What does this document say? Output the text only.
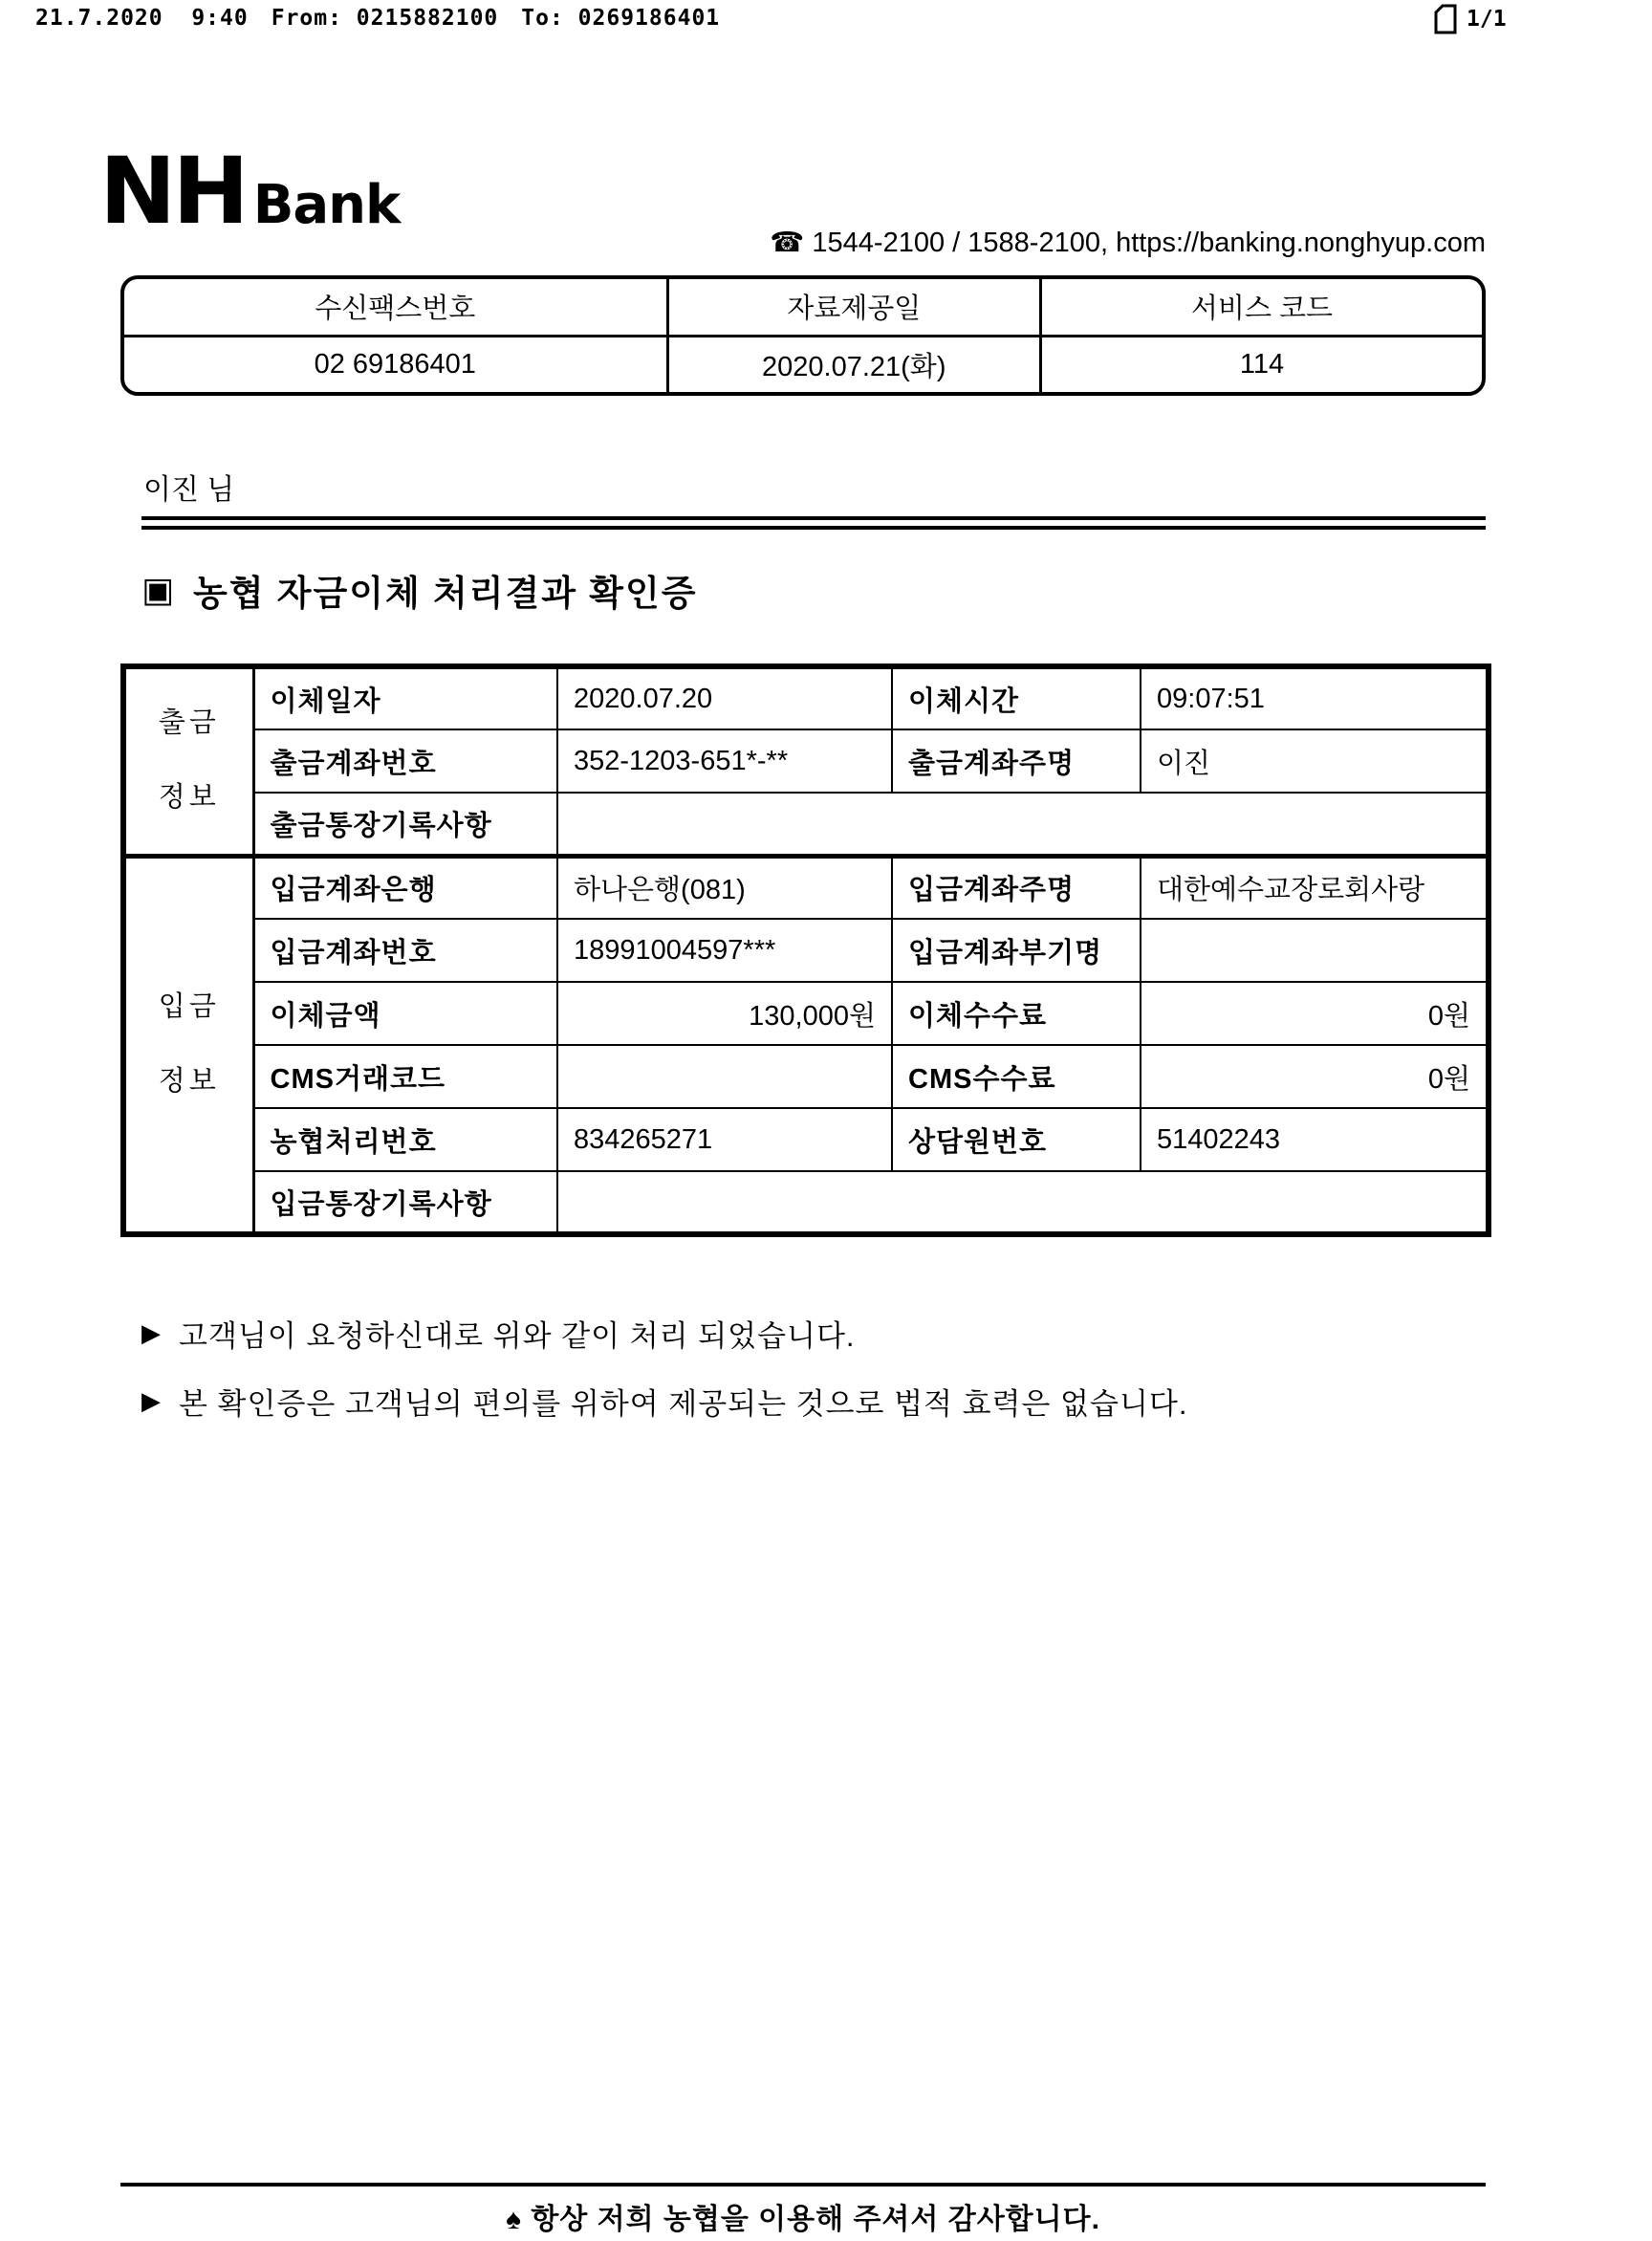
21.7.2020  9:40 From: 0215882100 To: 0269186401	1/1
NH Bank
☎ 1544-2100 / 1588-2100, https://banking.nonghyup.com
수신팩스번호	자료제공일	서비스 코드
02 69186401	2020.07.21(화)	114
이진 님
▣ 농협 자금이체 처리결과 확인증
출금
정보	이체일자	2020.07.20	이체시간	09:07:51
	출금계좌번호	352-1203-651*-**	출금계좌주명	이진
	출금통장기록사항			

입금
정보	입금계좌은행	하나은행(081)	입금계좌주명	대한예수교장로회사랑
	입금계좌번호	18991004597***	입금계좌부기명	
	이체금액	130,000원	이체수수료	0원
	CMS거래코드		CMS수수료	0원
	농협처리번호	834265271	상담원번호	51402243
	입금통장기록사항			
▶ 고객님이 요청하신대로 위와 같이 처리 되었습니다.
▶ 본 확인증은 고객님의 편의를 위하여 제공되는 것으로 법적 효력은 없습니다.
♠ 항상 저희 농협을 이용해 주셔서 감사합니다.
